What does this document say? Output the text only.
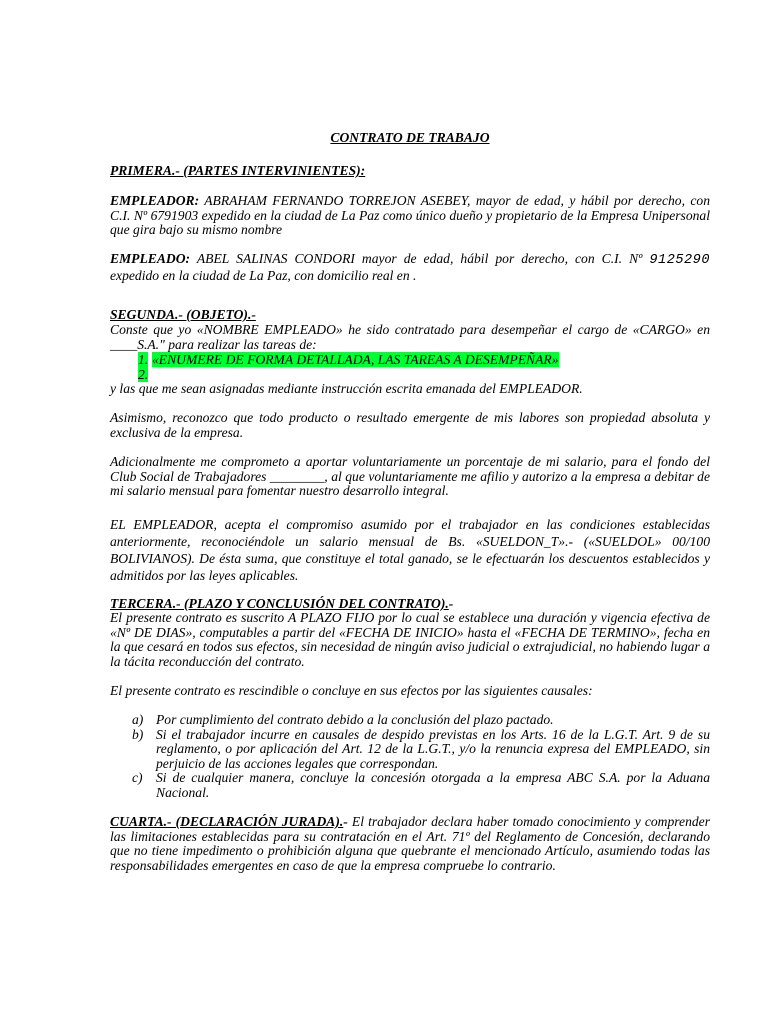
CONTRATO DE TRABAJO

PRIMERA.- (PARTES INTERVINIENTES):

EMPLEADOR: ABRAHAM FERNANDO TORREJON ASEBEY, mayor de edad, y hábil por derecho, con C.I. Nº 6791903 expedido en la ciudad de La Paz como único dueño y propietario de la Empresa Unipersonal que gira bajo su mismo nombre

EMPLEADO: ABEL SALINAS CONDORI mayor de edad, hábil por derecho, con C.I. Nº 9125290 expedido en la ciudad de La Paz, con domicilio real en .

SEGUNDA.- (OBJETO).-

Conste que yo «NOMBRE EMPLEADO» he sido contratado para desempeñar el cargo de «CARGO» en ____S.A." para realizar las tareas de:

1. «ENUMERE DE FORMA DETALLADA, LAS TAREAS A DESEMPEÑAR»
2.

y las que me sean asignadas mediante instrucción escrita emanada del EMPLEADOR.

Asimismo, reconozco que todo producto o resultado emergente de mis labores son propiedad absoluta y exclusiva de la empresa.

Adicionalmente me comprometo a aportar voluntariamente un porcentaje de mi salario, para el fondo del Club Social de Trabajadores ________, al que voluntariamente me afilio y autorizo a la empresa a debitar de mi salario mensual para fomentar nuestro desarrollo integral.

EL EMPLEADOR, acepta el compromiso asumido por el trabajador en las condiciones establecidas anteriormente, reconociéndole un salario mensual de Bs. «SUELDON_T».- («SUELDOL» 00/100 BOLIVIANOS). De ésta suma, que constituye el total ganado, se le efectuarán los descuentos establecidos y admitidos por las leyes aplicables.

TERCERA.- (PLAZO Y CONCLUSIÓN DEL CONTRATO).-

El presente contrato es suscrito A PLAZO FIJO por lo cual se establece una duración y vigencia efectiva de «Nº DE DIAS», computables a partir del «FECHA DE INICIO» hasta el «FECHA DE TERMINO», fecha en la que cesará en todos sus efectos, sin necesidad de ningún aviso judicial o extrajudicial, no habiendo lugar a la tácita reconducción del contrato.

El presente contrato es rescindible o concluye en sus efectos por las siguientes causales:

a) Por cumplimiento del contrato debido a la conclusión del plazo pactado.
b) Si el trabajador incurre en causales de despido previstas en los Arts. 16 de la L.G.T. Art. 9 de su reglamento, o por aplicación del Art. 12 de la L.G.T., y/o la renuncia expresa del EMPLEADO, sin perjuicio de las acciones legales que correspondan.
c) Si de cualquier manera, concluye la concesión otorgada a la empresa ABC S.A. por la Aduana Nacional.

CUARTA.- (DECLARACIÓN JURADA).- El trabajador declara haber tomado conocimiento y comprender las limitaciones establecidas para su contratación en el Art. 71º del Reglamento de Concesión, declarando que no tiene impedimento o prohibición alguna que quebrante el mencionado Artículo, asumiendo todas las responsabilidades emergentes en caso de que la empresa compruebe lo contrario.
